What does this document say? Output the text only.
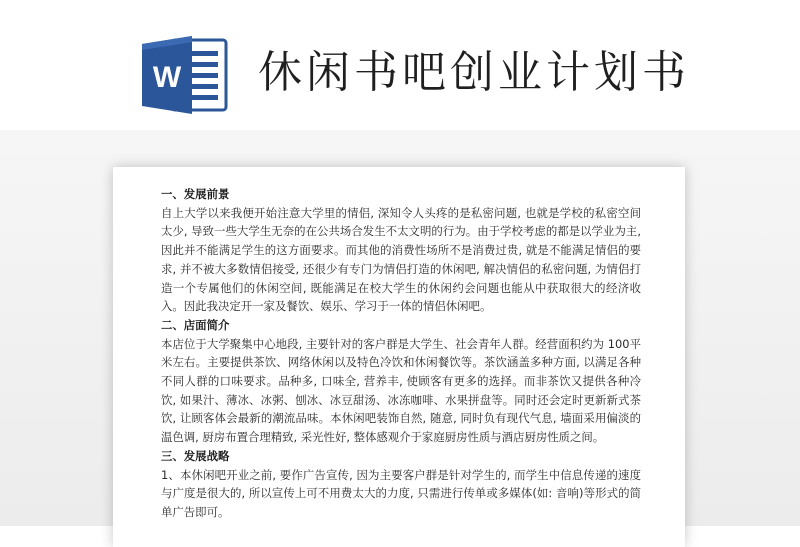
W 休闲书吧创业计划书
一、发展前景

自上大学以来我便开始注意大学里的情侣, 深知令人头疼的是私密问题, 也就是学校的私密空间太少, 导致一些大学生无奈的在公共场合发生不太文明的行为。由于学校考虑的都是以学业为主, 因此并不能满足学生的这方面要求。而其他的消费性场所不是消费过贵, 就是不能满足情侣的要求, 并不被大多数情侣接受, 还很少有专门为情侣打造的休闲吧, 解决情侣的私密问题, 为情侣打造一个专属他们的休闲空间, 既能满足在校大学生的休闲约会问题也能从中获取很大的经济收入。因此我决定开一家及餐饮、娱乐、学习于一体的情侣休闲吧。

二、店面简介

本店位于大学聚集中心地段, 主要针对的客户群是大学生、社会青年人群。经营面积约为 100平米左右。主要提供茶饮、网络休闲以及特色冷饮和休闲餐饮等。茶饮涵盖多种方面, 以满足各种不同人群的口味要求。品种多, 口味全, 营养丰, 使顾客有更多的选择。而非茶饮又提供各种冷饮, 如果汁、薄冰、冰粥、刨冰、冰豆甜汤、冰冻咖啡、水果拼盘等。同时还会定时更新新式茶饮, 让顾客体会最新的潮流品味。本休闲吧装饰自然, 随意, 同时负有现代气息, 墙面采用偏淡的温色调, 厨房布置合理精致, 采光性好, 整体感观介于家庭厨房性质与酒店厨房性质之间。

三、发展战略

1、本休闲吧开业之前, 要作广告宣传, 因为主要客户群是针对学生的, 而学生中信息传递的速度与广度是很大的, 所以宣传上可不用费太大的力度, 只需进行传单或多媒体(如: 音响)等形式的简单广告即可。
